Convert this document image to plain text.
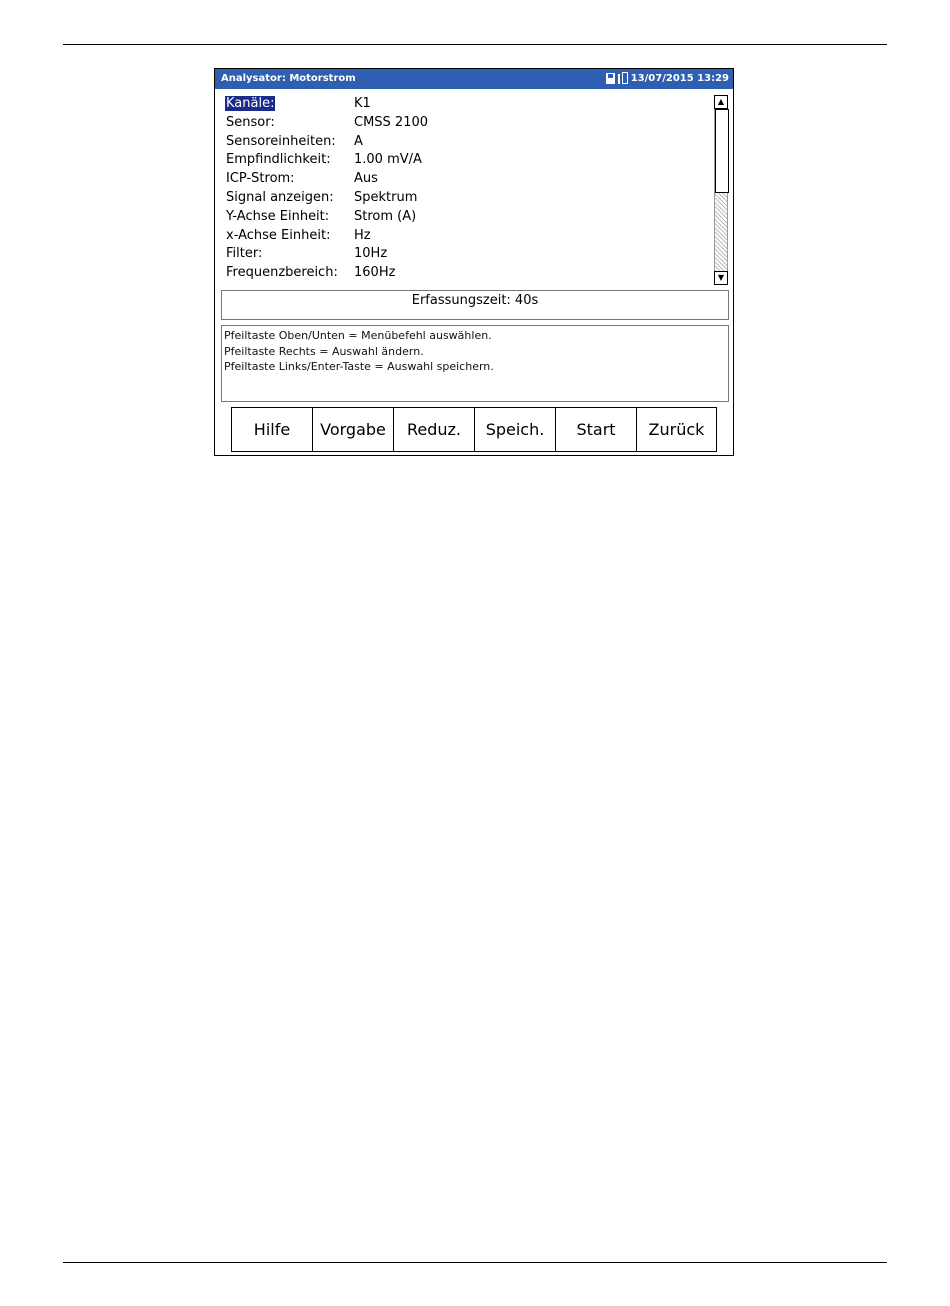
Analysator: Motorstrom	13/07/2015 13:29
Kanäle:	K1
Sensor:	CMSS 2100
Sensoreinheiten: A
Empfindlichkeit: 1.00 mV/A
ICP-Strom:	Aus
Signal anzeigen: Spektrum
Y-Achse Einheit: Strom (A)
x-Achse Einheit: Hz
Filter:	10Hz
Frequenzbereich: 160Hz
▲
▼
Erfassungszeit: 40s
Pfeiltaste Oben/Unten = Menübefehl auswählen.
Pfeiltaste Rechts = Auswahl ändern.
Pfeiltaste Links/Enter-Taste = Auswahl speichern.
Hilfe	Vorgabe	Reduz.	Speich.	Start	Zurück
